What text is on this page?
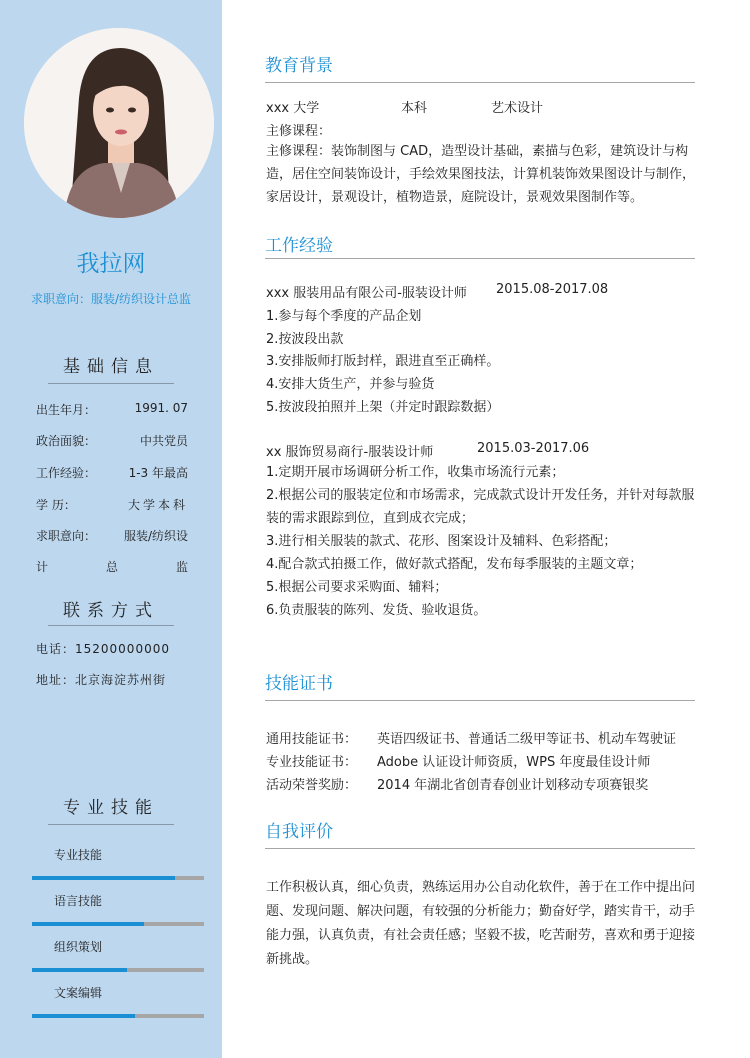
我拉网
求职意向：服装/纺织设计总监
基础信息
出生年月：	1991. 07
政治面貌：	中共党员
工作经验：	1-3 年最高
学 历：	大学本科
求职意向： 服装/纺织设
计	总	监
联系方式
电话：15200000000
地址：北京海淀苏州街
专业技能
专业技能
语言技能
组织策划
文案编辑
教育背景
xxx 大学	本科	艺术设计
主修课程：
主修课程：装饰制图与 CAD，造型设计基础，素描与色彩，建筑设计与构造，居住空间装饰设计，手绘效果图技法，计算机装饰效果图设计与制作，家居设计，景观设计，植物造景，庭院设计，景观效果图制作等。
工作经验
xxx 服装用品有限公司-服装设计师 2015.08-2017.08
1.参与每个季度的产品企划
2.按波段出款
3.安排版师打版封样，跟进直至正确样。
4.安排大货生产，并参与验货
5.按波段拍照并上架（并定时跟踪数据）
xx 服饰贸易商行-服装设计师	2015.03-2017.06
1.定期开展市场调研分析工作，收集市场流行元素；
2.根据公司的服装定位和市场需求，完成款式设计开发任务，并针对每款服装的需求跟踪到位，直到成衣完成；
3.进行相关服装的款式、花形、图案设计及辅料、色彩搭配；
4.配合款式拍摄工作，做好款式搭配，发布每季服装的主题文章；
5.根据公司要求采购面、辅料；
6.负责服装的陈列、发货、验收退货。
技能证书
通用技能证书： 英语四级证书、普通话二级甲等证书、机动车驾驶证
专业技能证书： Adobe 认证设计师资质，WPS 年度最佳设计师
活动荣誉奖励： 2014 年湖北省创青春创业计划移动专项赛银奖
自我评价
工作积极认真，细心负责，熟练运用办公自动化软件，善于在工作中提出问题、发现问题、解决问题，有较强的分析能力；勤奋好学，踏实肯干，动手能力强，认真负责，有社会责任感；坚毅不拔，吃苦耐劳，喜欢和勇于迎接新挑战。
